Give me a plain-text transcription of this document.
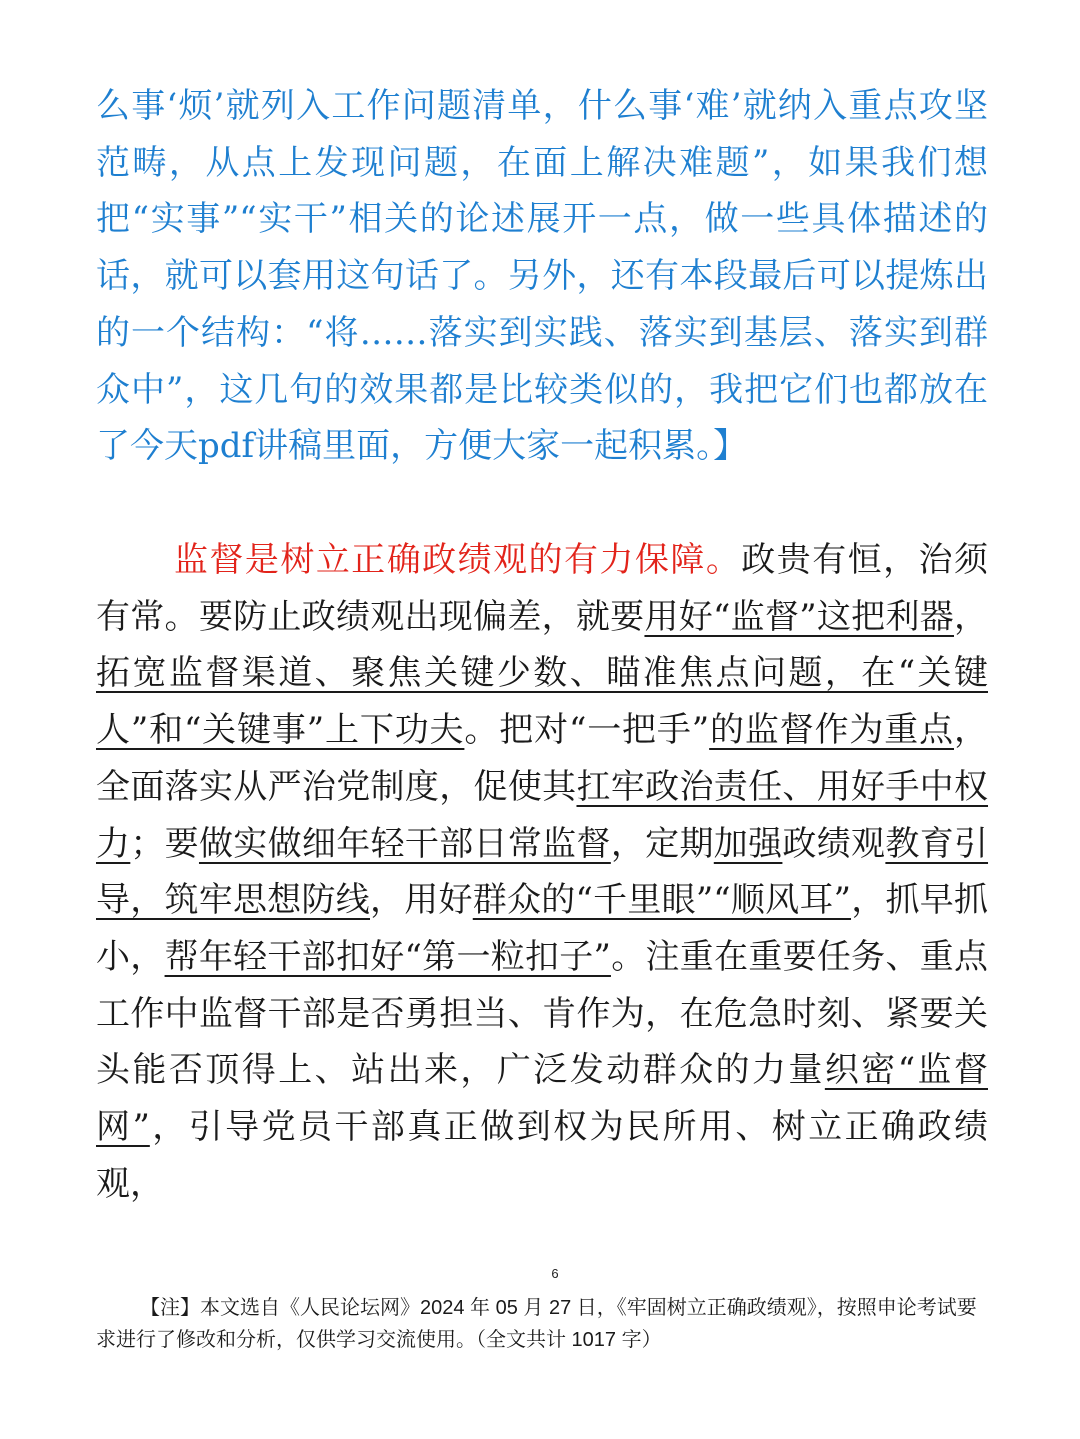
么事‘烦’就列入工作问题清单，什么事‘难’就纳入重点攻坚范畴，从点上发现问题，在面上解决难题”，如果我们想把“实事”“实干”相关的论述展开一点，做一些具体描述的话，就可以套用这句话了。另外，还有本段最后可以提炼出的一个结构：“将……落实到实践、落实到基层、落实到群众中”，这几句的效果都是比较类似的，我把它们也都放在了今天pdf讲稿里面，方便大家一起积累。】

监督是树立正确政绩观的有力保障。政贵有恒，治须有常。要防止政绩观出现偏差，就要用好“监督”这把利器，拓宽监督渠道、聚焦关键少数、瞄准焦点问题，在“关键人”和“关键事”上下功夫。把对“一把手”的监督作为重点，全面落实从严治党制度，促使其扛牢政治责任、用好手中权力；要做实做细年轻干部日常监督，定期加强政绩观教育引导，筑牢思想防线，用好群众的“千里眼”“顺风耳”，抓早抓小，帮年轻干部扣好“第一粒扣子”。注重在重要任务、重点工作中监督干部是否勇担当、肯作为，在危急时刻、紧要关头能否顶得上、站出来，广泛发动群众的力量织密“监督网”，引导党员干部真正做到权为民所用、树立正确政绩观，

6

【注】本文选自《人民论坛网》2024 年 05 月 27 日，《牢固树立正确政绩观》，按照申论考试要求进行了修改和分析，仅供学习交流使用。（全文共计 1017 字）
